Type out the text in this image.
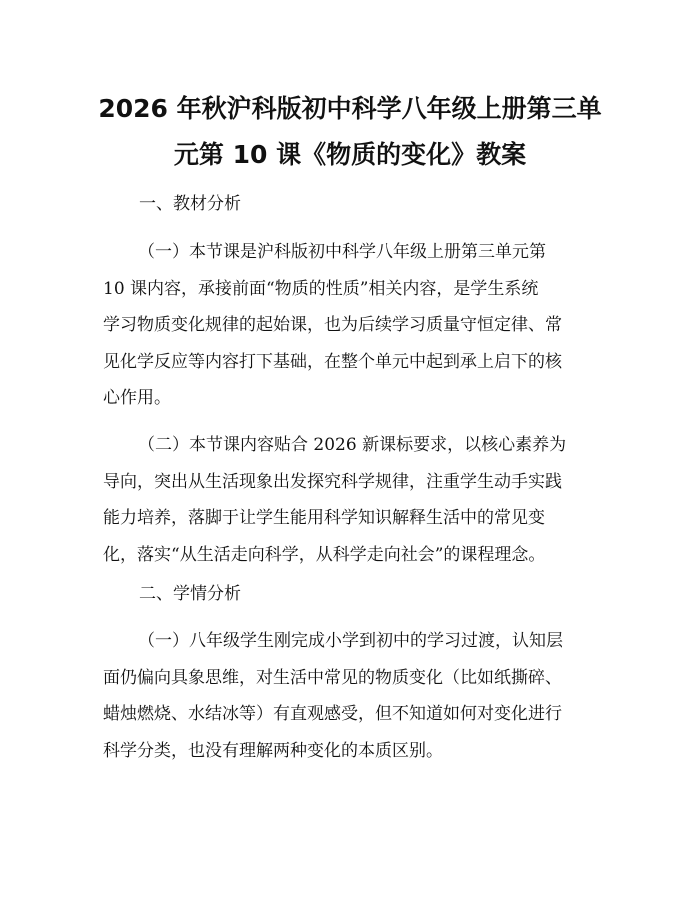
2026 年秋沪科版初中科学八年级上册第三单
元第 10 课《物质的变化》教案
一、教材分析
（一）本节课是沪科版初中科学八年级上册第三单元第
10 课内容，承接前面“物质的性质”相关内容，是学生系统
学习物质变化规律的起始课，也为后续学习质量守恒定律、常
见化学反应等内容打下基础，在整个单元中起到承上启下的核
心作用。
（二）本节课内容贴合 2026 新课标要求，以核心素养为
导向，突出从生活现象出发探究科学规律，注重学生动手实践
能力培养，落脚于让学生能用科学知识解释生活中的常见变
化，落实“从生活走向科学，从科学走向社会”的课程理念。
二、学情分析
（一）八年级学生刚完成小学到初中的学习过渡，认知层
面仍偏向具象思维，对生活中常见的物质变化（比如纸撕碎、
蜡烛燃烧、水结冰等）有直观感受，但不知道如何对变化进行
科学分类，也没有理解两种变化的本质区别。
